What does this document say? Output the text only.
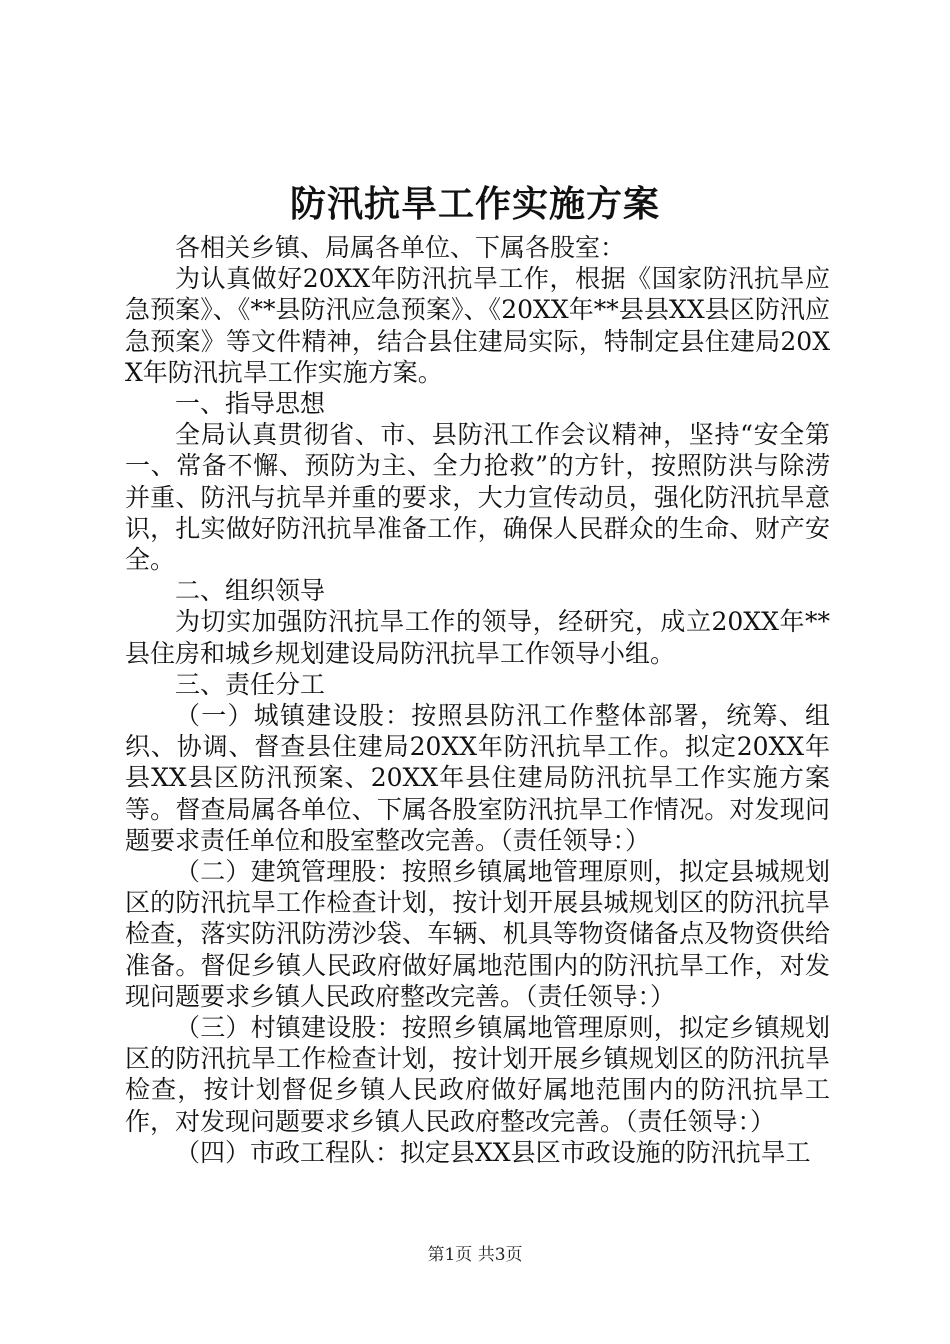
防汛抗旱工作实施方案

各相关乡镇、局属各单位、下属各股室：

为认真做好20XX年防汛抗旱工作，根据《国家防汛抗旱应急预案》、《**县防汛应急预案》、《20XX年**县县XX县区防汛应急预案》等文件精神，结合县住建局实际，特制定县住建局20XX年防汛抗旱工作实施方案。

一、指导思想

全局认真贯彻省、市、县防汛工作会议精神，坚持“安全第一、常备不懈、预防为主、全力抢救”的方针，按照防洪与除涝并重、防汛与抗旱并重的要求，大力宣传动员，强化防汛抗旱意识，扎实做好防汛抗旱准备工作，确保人民群众的生命、财产安全。

二、组织领导

为切实加强防汛抗旱工作的领导，经研究，成立20XX年**县住房和城乡规划建设局防汛抗旱工作领导小组。

三、责任分工

（一）城镇建设股：按照县防汛工作整体部署，统筹、组织、协调、督查县住建局20XX年防汛抗旱工作。拟定20XX年县XX县区防汛预案、20XX年县住建局防汛抗旱工作实施方案等。督查局属各单位、下属各股室防汛抗旱工作情况。对发现问题要求责任单位和股室整改完善。（责任领导：）

（二）建筑管理股：按照乡镇属地管理原则，拟定县城规划区的防汛抗旱工作检查计划，按计划开展县城规划区的防汛抗旱检查，落实防汛防涝沙袋、车辆、机具等物资储备点及物资供给准备。督促乡镇人民政府做好属地范围内的防汛抗旱工作，对发现问题要求乡镇人民政府整改完善。（责任领导：）

（三）村镇建设股：按照乡镇属地管理原则，拟定乡镇规划区的防汛抗旱工作检查计划，按计划开展乡镇规划区的防汛抗旱检查，按计划督促乡镇人民政府做好属地范围内的防汛抗旱工作，对发现问题要求乡镇人民政府整改完善。（责任领导：）

（四）市政工程队：拟定县XX县区市政设施的防汛抗旱工

第1页 共3页
